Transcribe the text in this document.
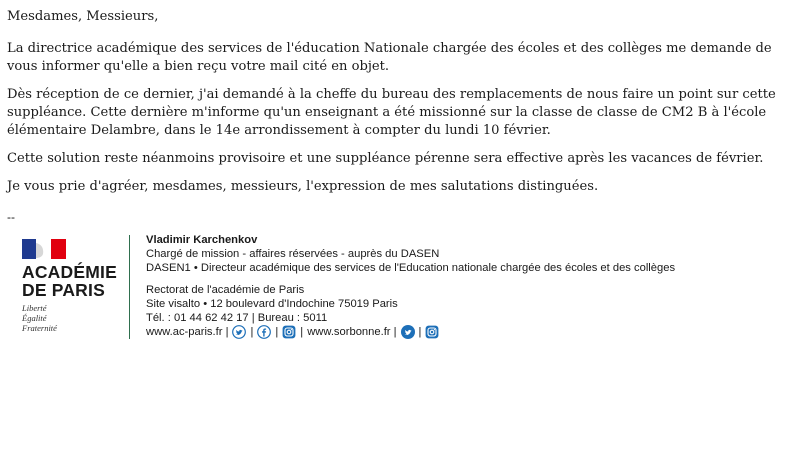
Mesdames, Messieurs,

La directrice académique des services de l'éducation Nationale chargée des écoles et des collèges me demande de vous informer qu'elle a bien reçu votre mail cité en objet.

Dès réception de ce dernier, j'ai demandé à la cheffe du bureau des remplacements de nous faire un point sur cette suppléance. Cette dernière m'informe qu'un enseignant a été missionné sur la classe de classe de CM2 B à l'école élémentaire Delambre, dans le 14e arrondissement à compter du lundi 10 février.

Cette solution reste néanmoins provisoire et une suppléance pérenne sera effective après les vacances de février.

Je vous prie d'agréer, mesdames, messieurs, l'expression de mes salutations distinguées.

--
ACADÉMIE
DE PARIS
Liberté
Égalité
Fraternité
Vladimir Karchenkov
Chargé de mission - affaires réservées - auprès du DASEN
DASEN1 • Directeur académique des services de l'Education nationale chargée des écoles et des collèges
Rectorat de l'académie de Paris
Site visalto • 12 boulevard d'Indochine 75019 Paris
Tél. : 01 44 62 42 17 | Bureau : 5011
www.ac-paris.fr | | | | www.sorbonne.fr | |
